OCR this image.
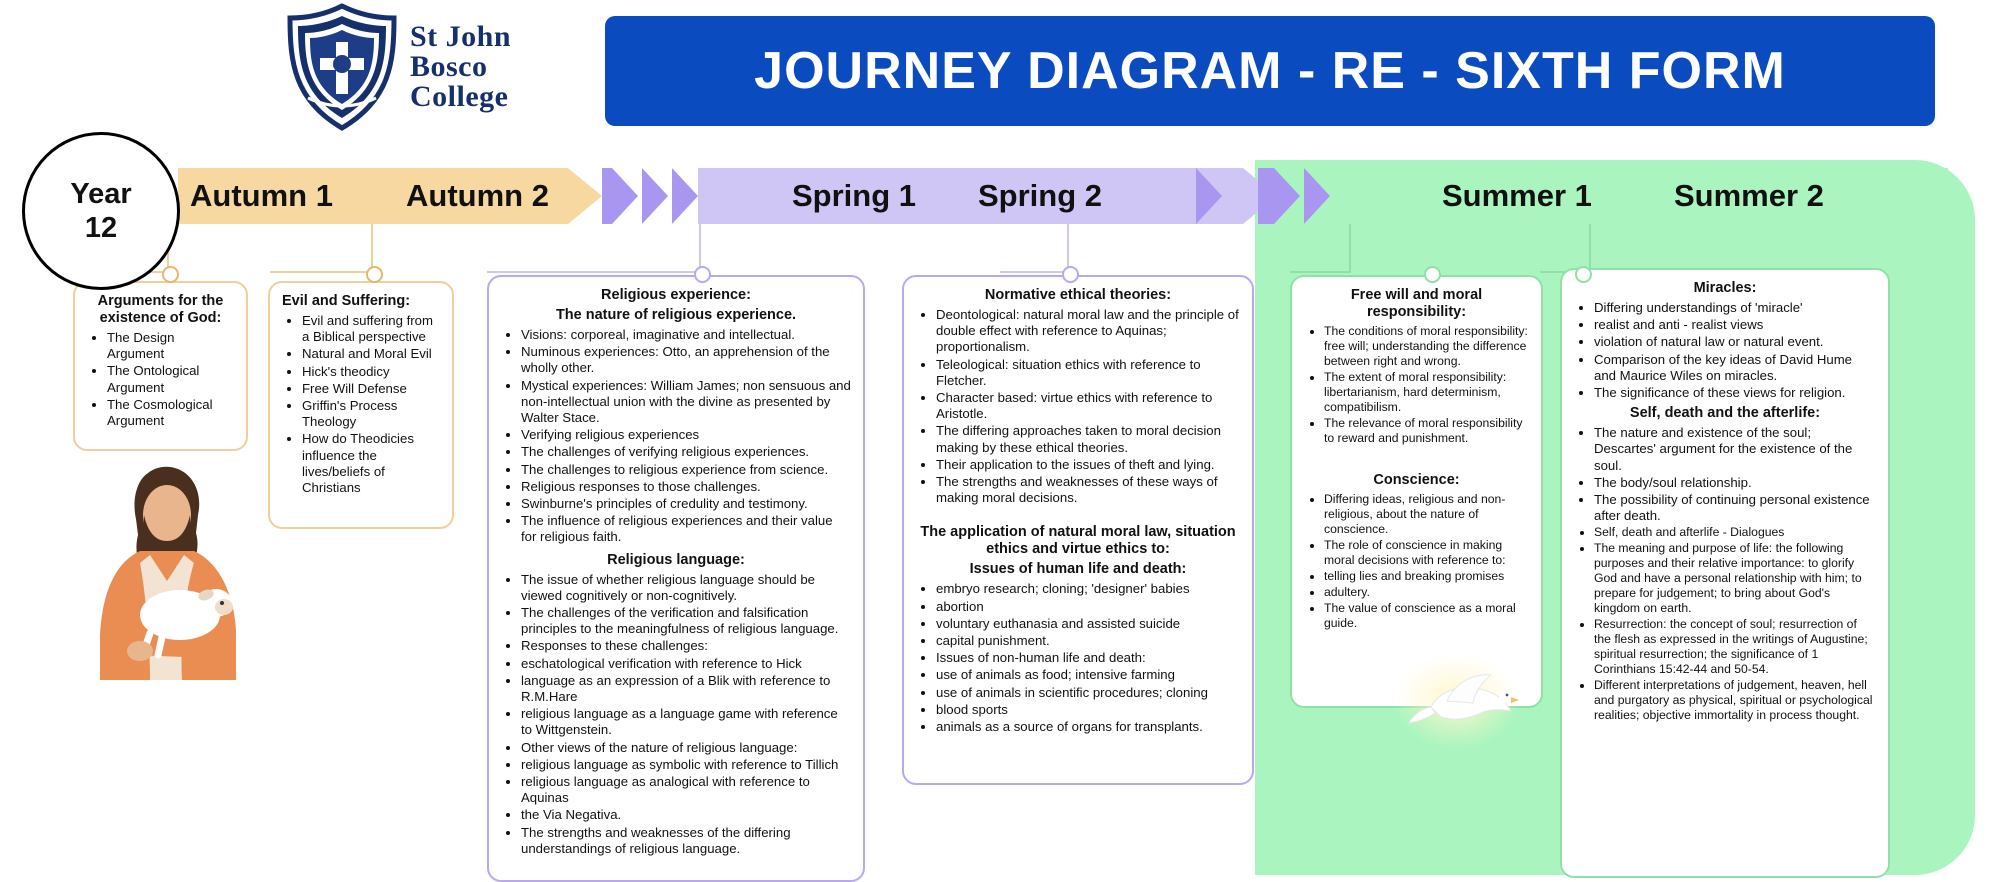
St John
Bosco
College	JOURNEY DIAGRAM - RE - SIXTH FORM
Year
12
Autumn 1 Autumn 2	Spring 1 Spring 2	Summer 1	Summer 2
Arguments for the existence of God:
• The Design Argument
• The Ontological Argument
• The Cosmological Argument
Evil and Suffering:
• Evil and suffering from a Biblical perspective
• Natural and Moral Evil
• Hick's theodicy
• Free Will Defense
• Griffin's Process Theology
• How do Theodicies influence the lives/beliefs of Christians
Religious experience:
The nature of religious experience.
• Visions: corporeal, imaginative and intellectual.
• Numinous experiences: Otto, an apprehension of the wholly other.
• Mystical experiences: William James; non sensuous and non-intellectual union with the divine as presented by Walter Stace.
• Verifying religious experiences
• The challenges of verifying religious experiences.
• The challenges to religious experience from science.
• Religious responses to those challenges.
• Swinburne's principles of credulity and testimony.
• The influence of religious experiences and their value for religious faith.
Religious language:
• The issue of whether religious language should be viewed cognitively or non-cognitively.
• The challenges of the verification and falsification principles to the meaningfulness of religious language.
• Responses to these challenges:
• eschatological verification with reference to Hick
• language as an expression of a Blik with reference to R.M.Hare
• religious language as a language game with reference to Wittgenstein.
• Other views of the nature of religious language:
• religious language as symbolic with reference to Tillich
• religious language as analogical with reference to Aquinas
• the Via Negativa.
• The strengths and weaknesses of the differing understandings of religious language.
Normative ethical theories:
• Deontological: natural moral law and the principle of double effect with reference to Aquinas; proportionalism.
• Teleological: situation ethics with reference to Fletcher.
• Character based: virtue ethics with reference to Aristotle.
• The differing approaches taken to moral decision making by these ethical theories.
• Their application to the issues of theft and lying.
• The strengths and weaknesses of these ways of making moral decisions.
The application of natural moral law, situation ethics and virtue ethics to:
Issues of human life and death:
• embryo research; cloning; 'designer' babies
• abortion
• voluntary euthanasia and assisted suicide
• capital punishment.
• Issues of non-human life and death:
• use of animals as food; intensive farming
• use of animals in scientific procedures; cloning
• blood sports
• animals as a source of organs for transplants.
Free will and moral responsibility:
• The conditions of moral responsibility: free will; understanding the difference between right and wrong.
• The extent of moral responsibility: libertarianism, hard determinism, compatibilism.
• The relevance of moral responsibility to reward and punishment.
Conscience:
• Differing ideas, religious and non-religious, about the nature of conscience.
• The role of conscience in making moral decisions with reference to:
• telling lies and breaking promises
• adultery.
• The value of conscience as a moral guide.
Miracles:
• Differing understandings of 'miracle'
• realist and anti - realist views
• violation of natural law or natural event.
• Comparison of the key ideas of David Hume and Maurice Wiles on miracles.
• The significance of these views for religion.
Self, death and the afterlife:
• The nature and existence of the soul; Descartes' argument for the existence of the soul.
• The body/soul relationship.
• The possibility of continuing personal existence after death.
• Self, death and afterlife - Dialogues
• The meaning and purpose of life: the following purposes and their relative importance: to glorify God and have a personal relationship with him; to prepare for judgement; to bring about God's kingdom on earth.
• Resurrection: the concept of soul; resurrection of the flesh as expressed in the writings of Augustine; spiritual resurrection; the significance of 1 Corinthians 15:42-44 and 50-54.
• Different interpretations of judgement, heaven, hell and purgatory as physical, spiritual or psychological realities; objective immortality in process thought.
